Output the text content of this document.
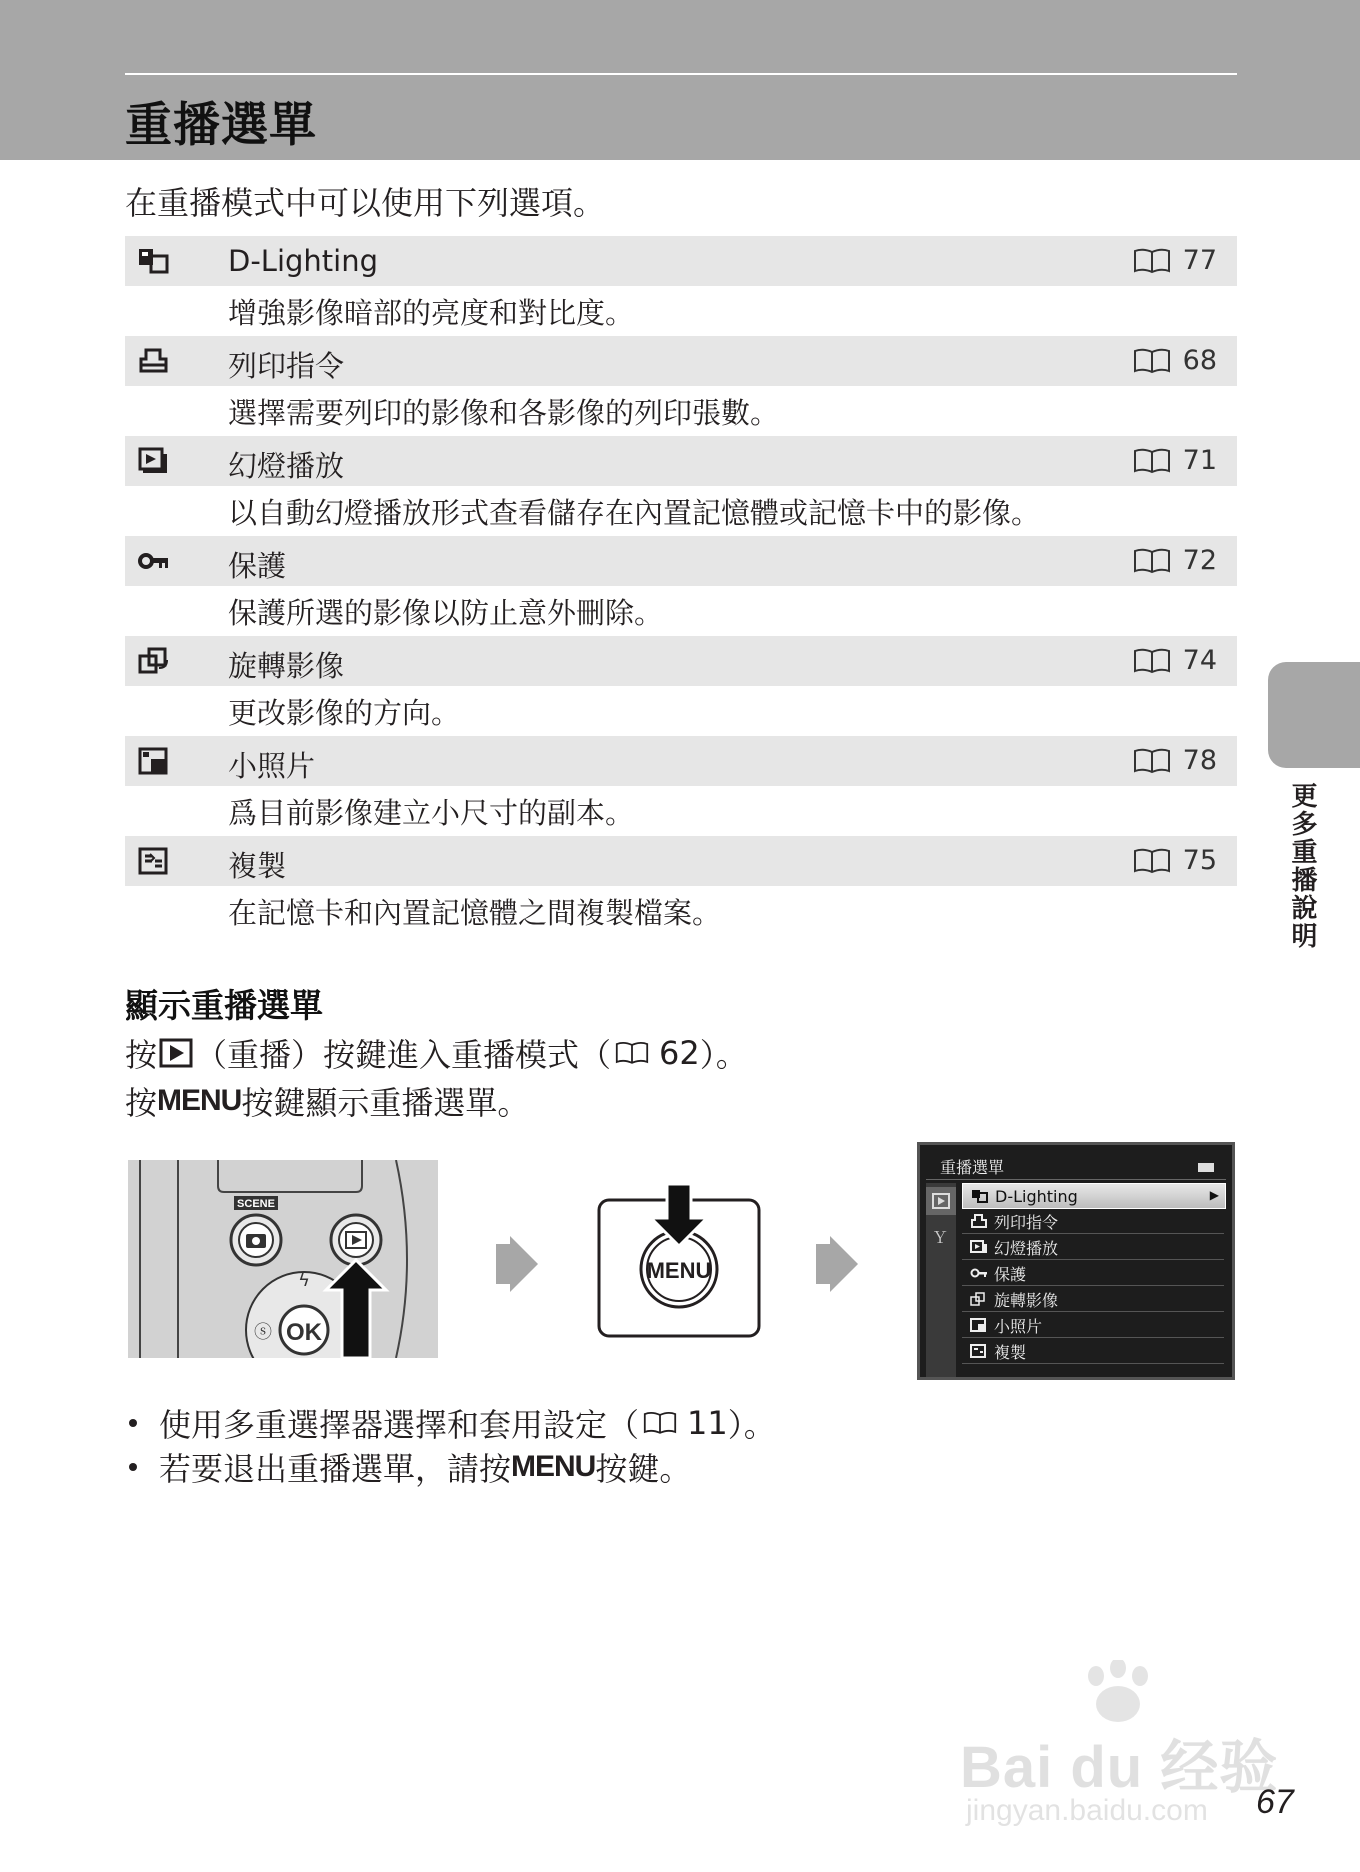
重播選單
在重播模式中可以使用下列選項。
D-Lighting	77
增強影像暗部的亮度和對比度。
列印指令	68
選擇需要列印的影像和各影像的列印張數。
幻燈播放	71
以自動幻燈播放形式查看儲存在內置記憶體或記憶卡中的影像。
保護	72
保護所選的影像以防止意外刪除。
旋轉影像	74
更改影像的方向。
小照片	78
爲目前影像建立小尺寸的副本。
複製	75
在記憶卡和內置記憶體之間複製檔案。	更多重播說明
顯示重播選單
按 （重播）按鍵進入重播模式（ 62 ）。
按 MENU 按鍵顯示重播選單。
SCENE
OK
ϟ
ⓢ
MENU
重播選單
Ｙ
D-Lighting	▶
列印指令
幻燈播放
保護
旋轉影像
小照片
複製
使用多重選擇器選擇和套用設定（ 11 ）。
若要退出重播選單，請按 MENU 按鍵。
Bai du 经验
jingyan.baidu.com 67
